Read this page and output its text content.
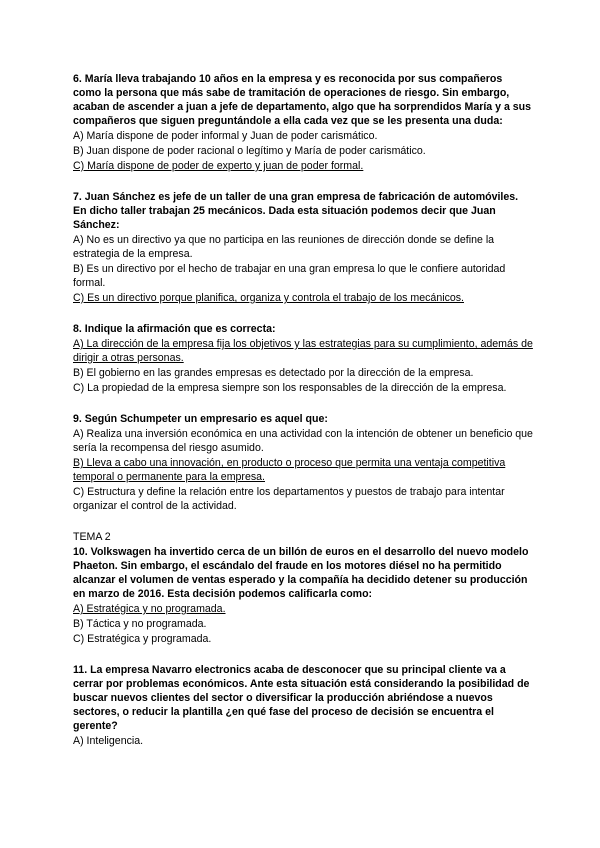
6. María lleva trabajando 10 años en la empresa y es reconocida por sus compañeros como la persona que más sabe de tramitación de operaciones de riesgo. Sin embargo, acaban de ascender a juan a jefe de departamento, algo que ha sorprendidos María y a sus compañeros que siguen preguntándole a ella cada vez que se les presenta una duda:
A) María dispone de poder informal y Juan de poder carismático.
B) Juan dispone de poder racional o legítimo y María de poder carismático.
C) María dispone de poder de experto y juan de poder formal.
7. Juan Sánchez es jefe de un taller de una gran empresa de fabricación de automóviles.
En dicho taller trabajan 25 mecánicos. Dada esta situación podemos decir que Juan Sánchez:
A) No es un directivo ya que no participa en las reuniones de dirección donde se define la estrategia de la empresa.
B) Es un directivo por el hecho de trabajar en una gran empresa lo que le confiere autoridad formal.
C) Es un directivo porque planifica, organiza y controla el trabajo de los mecánicos.
8. Indique la afirmación que es correcta:
A) La dirección de la empresa fija los objetivos y las estrategias para su cumplimiento, además de dirigir a otras personas.
B) El gobierno en las grandes empresas es detectado por la dirección de la empresa.
C) La propiedad de la empresa siempre son los responsables de la dirección de la empresa.
9. Según Schumpeter un empresario es aquel que:
A) Realiza una inversión económica en una actividad con la intención de obtener un beneficio que sería la recompensa del riesgo asumido.
B) Lleva a cabo una innovación, en producto o proceso que permita una ventaja competitiva temporal o permanente para la empresa.
C) Estructura y define la relación entre los departamentos y puestos de trabajo para intentar organizar el control de la actividad.
TEMA 2
10. Volkswagen ha invertido cerca de un billón de euros en el desarrollo del nuevo modelo Phaeton. Sin embargo, el escándalo del fraude en los motores diésel no ha permitido alcanzar el volumen de ventas esperado y la compañía ha decidido detener su producción en marzo de 2016. Esta decisión podemos calificarla como:
A) Estratégica y no programada.
B) Táctica y no programada.
C) Estratégica y programada.
11. La empresa Navarro electronics acaba de desconocer que su principal cliente va a cerrar por problemas económicos. Ante esta situación está considerando la posibilidad de buscar nuevos clientes del sector o diversificar la producción abriéndose a nuevos sectores, o reducir la plantilla ¿en qué fase del proceso de decisión se encuentra el gerente?
A) Inteligencia.
